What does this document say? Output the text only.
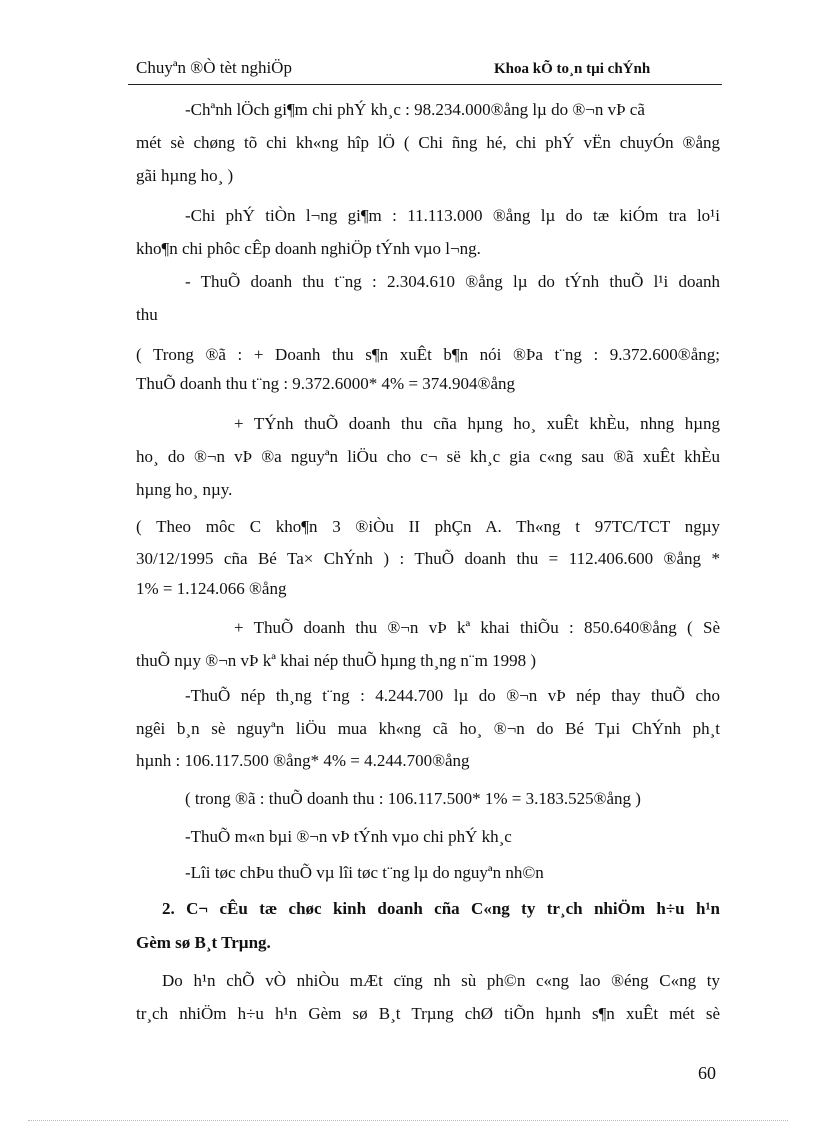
Chuyªn ®Ò tèt nghiÖp	Khoa kÕ to¸n tµi chÝnh
-Chªnh lÖch gi¶m chi phÝ kh¸c : 98.234.000®ång lµ do ®¬n vÞ cã
mét sè chøng tõ chi kh«ng hîp lÖ ( Chi ñng hé, chi phÝ vËn chuyÓn ®ång
gãi hµng ho¸ )
-Chi phÝ tiÒn l¬ng gi¶m : 11.113.000 ®ång lµ do tæ kiÓm tra lo¹i
kho¶n chi phôc cÊp doanh nghiÖp tÝnh vµo l¬ng.
- ThuÕ doanh thu t¨ng : 2.304.610 ®ång lµ do tÝnh thuÕ l¹i doanh
thu
( Trong ®ã : + Doanh thu s¶n xuÊt b¶n nói ®Þa t¨ng : 9.372.600®ång;
ThuÕ doanh thu t¨ng : 9.372.6000* 4% = 374.904®ång
+ TÝnh thuÕ doanh thu cña hµng ho¸ xuÊt khÈu, nhng hµng
ho¸ do ®¬n vÞ ®a nguyªn liÖu cho c¬ së kh¸c gia c«ng sau ®ã xuÊt khÈu
hµng ho¸ nµy.
( Theo môc C kho¶n 3 ®iÒu II phÇn A. Th«ng t 97TC/TCT ngµy
30/12/1995 cña Bé Ta× ChÝnh ) : ThuÕ doanh thu = 112.406.600 ®ång *
1% = 1.124.066 ®ång
+ ThuÕ doanh thu ®¬n vÞ kª khai thiÕu : 850.640®ång ( Sè
thuÕ nµy ®¬n vÞ kª khai nép thuÕ hµng th¸ng n¨m 1998 )
-ThuÕ nép th¸ng t¨ng : 4.244.700 lµ do ®¬n vÞ nép thay thuÕ cho
ngêi b¸n sè nguyªn liÖu mua kh«ng cã ho¸ ®¬n do Bé Tµi ChÝnh ph¸t
hµnh : 106.117.500 ®ång* 4% = 4.244.700®ång
( trong ®ã : thuÕ doanh thu : 106.117.500* 1% = 3.183.525®ång )
-ThuÕ m«n bµi ®¬n vÞ tÝnh vµo chi phÝ kh¸c
-Lîi tøc chÞu thuÕ vµ lîi tøc t¨ng lµ do nguyªn nh©n
2. C¬ cÊu tæ chøc kinh doanh cña C«ng ty tr¸ch nhiÖm h÷u h¹n
Gèm sø B¸t Trµng.
Do h¹n chÕ vÒ nhiÒu mÆt cïng nh sù ph©n c«ng lao ®éng C«ng ty
tr¸ch nhiÖm h÷u h¹n Gèm sø B¸t Trµng chØ tiÕn hµnh s¶n xuÊt mét sè
60
